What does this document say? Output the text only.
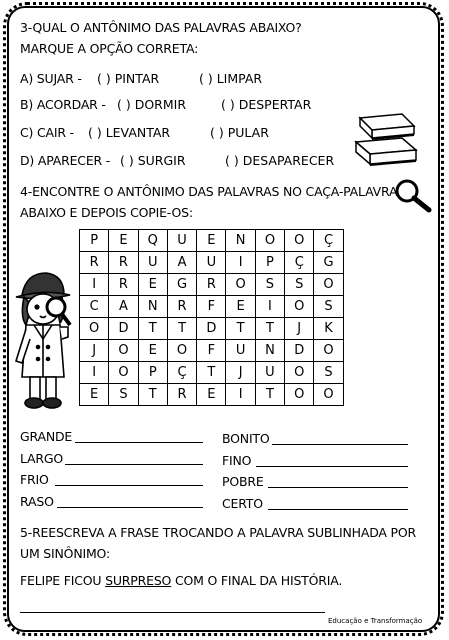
3-QUAL O ANTÔNIMO DAS PALAVRAS ABAIXO?
MARQUE A OPÇÃO CORRETA:
A) SUJAR - ( ) PINTAR	( ) LIMPAR
B) ACORDAR - ( ) DORMIR	( ) DESPERTAR
C) CAIR - ( ) LEVANTAR	( ) PULAR
D) APARECER - ( ) SURGIR	( ) DESAPARECER
4-ENCONTRE O ANTÔNIMO DAS PALAVRAS NO CAÇA-PALAVRA
ABAIXO E DEPOIS COPIE-OS:
P	E	Q	U	E	N	O	O	Ç
R	R	U	A	U	I	P	Ç	G
I	R	E	G	R	O	S	S	O
C	A	N	R	F	E	I	O	S
O	D	T	T	D	T	T	J	K
J	O	E	O	F	U	N	D	O
I	O	P	Ç	T	J	U	O	S
E	S	T	R	E	I	T	O	O
GRANDE
LARGO
FRIO
RASO
BONITO
FINO
POBRE
CERTO
5-REESCREVA A FRASE TROCANDO A PALAVRA SUBLINHADA POR
UM SINÔNIMO:
FELIPE FICOU SURPRESO COM O FINAL DA HISTÓRIA.
Educação e Transformação
